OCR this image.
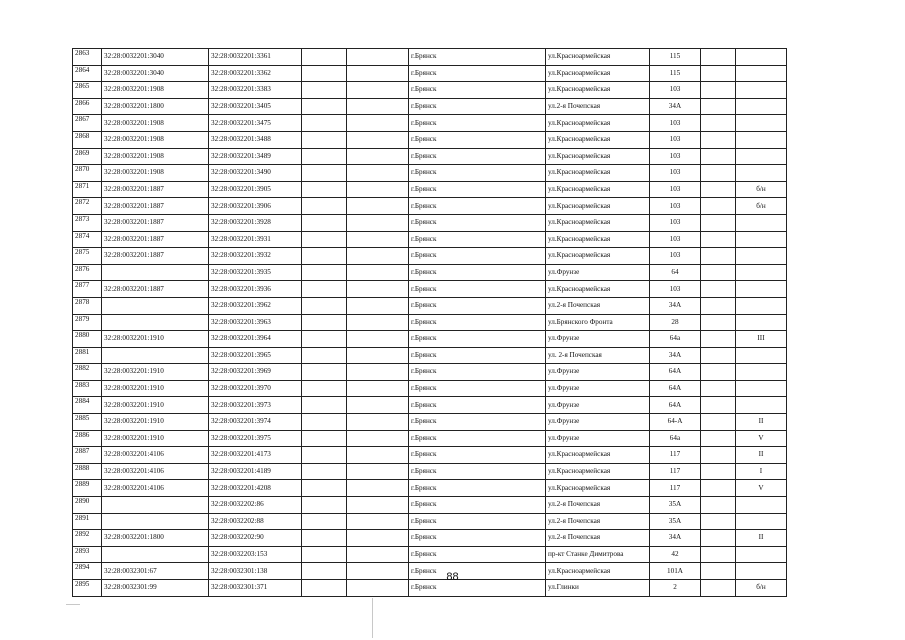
2863	32:28:0032201:3040	32:28:0032201:3361			г.Брянск	ул.Красноармейская	115		
2864	32:28:0032201:3040	32:28:0032201:3362			г.Брянск	ул.Красноармейская	115		
2865	32:28:0032201:1908	32:28:0032201:3383			г.Брянск	ул.Красноармейская	103		
2866	32:28:0032201:1800	32:28:0032201:3405			г.Брянск	ул.2-я Почепская	34А		
2867	32:28:0032201:1908	32:28:0032201:3475			г.Брянск	ул.Красноармейская	103		
2868	32:28:0032201:1908	32:28:0032201:3488			г.Брянск	ул.Красноармейская	103		
2869	32:28:0032201:1908	32:28:0032201:3489			г.Брянск	ул.Красноармейская	103		
2870	32:28:0032201:1908	32:28:0032201:3490			г.Брянск	ул.Красноармейская	103		
2871	32:28:0032201:1887	32:28:0032201:3905			г.Брянск	ул.Красноармейская	103		б/н
2872	32:28:0032201:1887	32:28:0032201:3906			г.Брянск	ул.Красноармейская	103		б/н
2873	32:28:0032201:1887	32:28:0032201:3928			г.Брянск	ул.Красноармейская	103		
2874	32:28:0032201:1887	32:28:0032201:3931			г.Брянск	ул.Красноармейская	103		
2875	32:28:0032201:1887	32:28:0032201:3932			г.Брянск	ул.Красноармейская	103		
2876		32:28:0032201:3935			г.Брянск	ул.Фрунзе	64		
2877	32:28:0032201:1887	32:28:0032201:3936			г.Брянск	ул.Красноармейская	103		
2878		32:28:0032201:3962			г.Брянск	ул.2-я Почепская	34А		
2879		32:28:0032201:3963			г.Брянск	ул.Брянского Фронта	28		
2880	32:28:0032201:1910	32:28:0032201:3964			г.Брянск	ул.Фрунзе	64а		III
2881		32:28:0032201:3965			г.Брянск	ул. 2-я Почепская	34А		
2882	32:28:0032201:1910	32:28:0032201:3969			г.Брянск	ул.Фрунзе	64А		
2883	32:28:0032201:1910	32:28:0032201:3970			г.Брянск	ул.Фрунзе	64А		
2884	32:28:0032201:1910	32:28:0032201:3973			г.Брянск	ул.Фрунзе	64А		
2885	32:28:0032201:1910	32:28:0032201:3974			г.Брянск	ул.Фрунзе	64-А		II
2886	32:28:0032201:1910	32:28:0032201:3975			г.Брянск	ул.Фрунзе	64а		V
2887	32:28:0032201:4106	32:28:0032201:4173			г.Брянск	ул.Красноармейская	117		II
2888	32:28:0032201:4106	32:28:0032201:4189			г.Брянск	ул.Красноармейская	117		I
2889	32:28:0032201:4106	32:28:0032201:4208			г.Брянск	ул.Красноармейская	117		V
2890		32:28:0032202:86			г.Брянск	ул.2-я Почепская	35А		
2891		32:28:0032202:88			г.Брянск	ул.2-я Почепская	35А		
2892	32:28:0032201:1800	32:28:0032202:90			г.Брянск	ул.2-я Почепская	34А		II
2893		32:28:0032203:153			г.Брянск	пр-кт Станке Димитрова	42		
2894	32:28:0032301:67	32:28:0032301:138			г.Брянск	ул.Красноармейская	101А		
2895	32:28:0032301:99	32:28:0032301:371			г.Брянск	ул.Глинки	2		б/н
88
